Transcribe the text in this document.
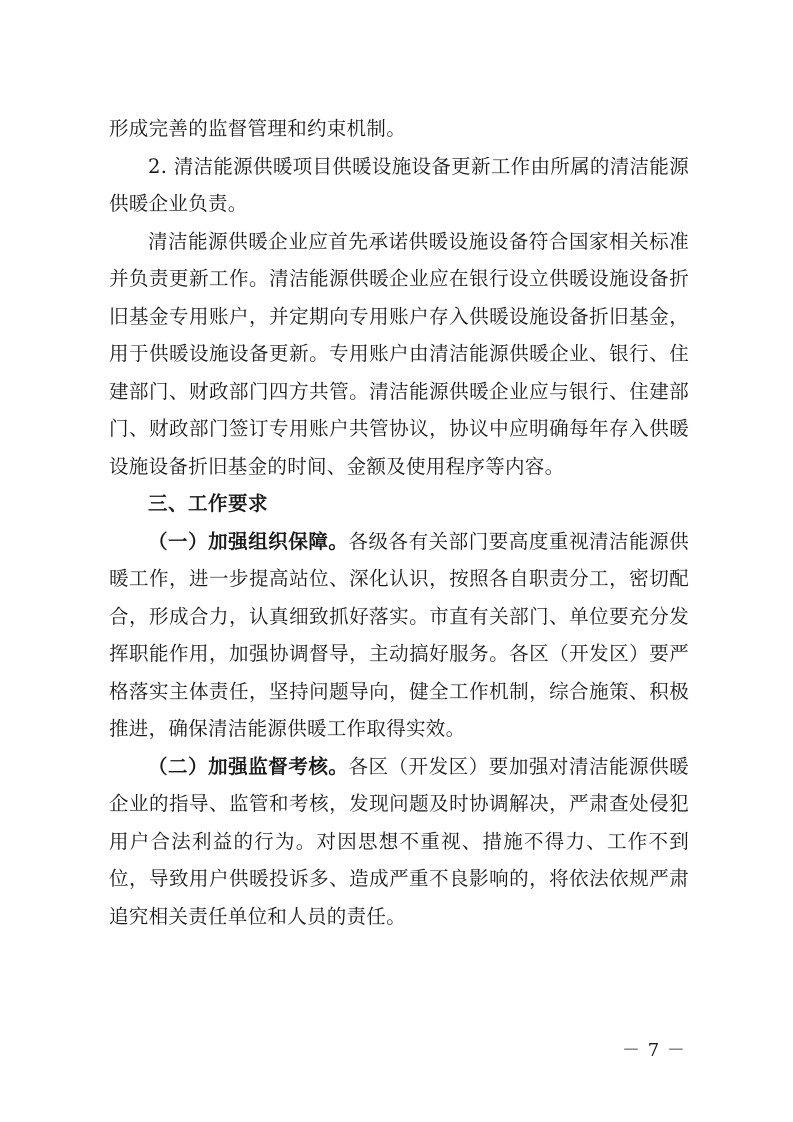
形成完善的监督管理和约束机制。

2. 清洁能源供暖项目供暖设施设备更新工作由所属的清洁能源供暖企业负责。

清洁能源供暖企业应首先承诺供暖设施设备符合国家相关标准并负责更新工作。清洁能源供暖企业应在银行设立供暖设施设备折旧基金专用账户，并定期向专用账户存入供暖设施设备折旧基金，用于供暖设施设备更新。专用账户由清洁能源供暖企业、银行、住建部门、财政部门四方共管。清洁能源供暖企业应与银行、住建部门、财政部门签订专用账户共管协议，协议中应明确每年存入供暖设施设备折旧基金的时间、金额及使用程序等内容。

三、工作要求

（一）加强组织保障。各级各有关部门要高度重视清洁能源供暖工作，进一步提高站位、深化认识，按照各自职责分工，密切配合，形成合力，认真细致抓好落实。市直有关部门、单位要充分发挥职能作用，加强协调督导，主动搞好服务。各区（开发区）要严格落实主体责任，坚持问题导向，健全工作机制，综合施策、积极推进，确保清洁能源供暖工作取得实效。

（二）加强监督考核。各区（开发区）要加强对清洁能源供暖企业的指导、监管和考核，发现问题及时协调解决，严肃查处侵犯用户合法利益的行为。对因思想不重视、措施不得力、工作不到位，导致用户供暖投诉多、造成严重不良影响的，将依法依规严肃追究相关责任单位和人员的责任。

－ 7 －
